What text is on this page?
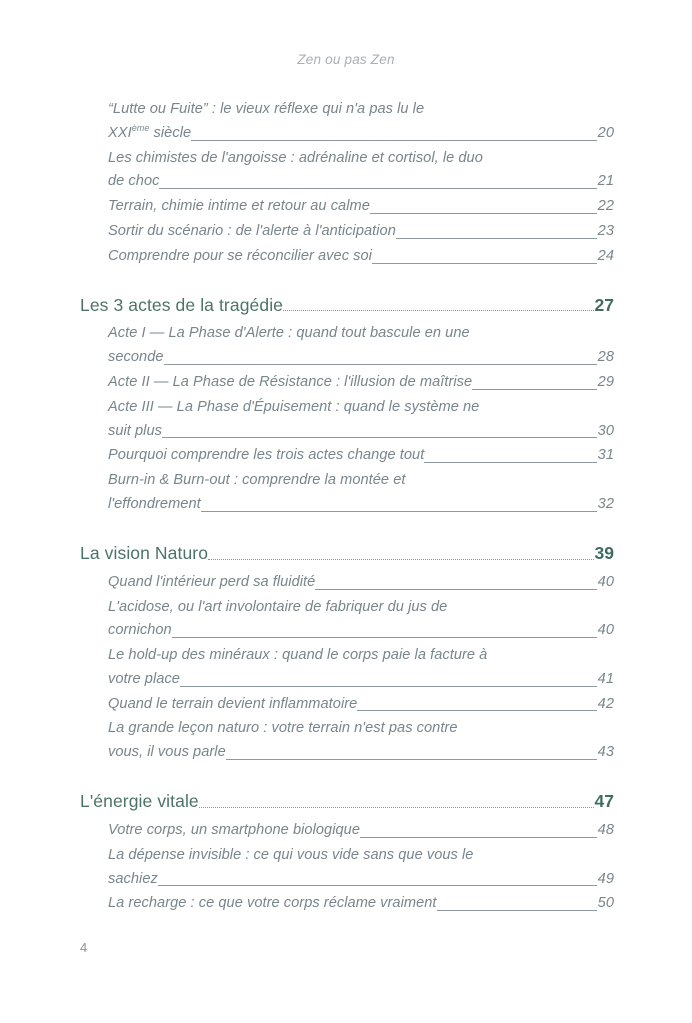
Zen ou pas Zen
“Lutte ou Fuite” : le vieux réflexe qui n'a pas lu le
XXIème siècle	20
Les chimistes de l'angoisse : adrénaline et cortisol, le duo
de choc	21
Terrain, chimie intime et retour au calme	22
Sortir du scénario : de l'alerte à l'anticipation	23
Comprendre pour se réconcilier avec soi	24
Les 3 actes de la tragédie	27
Acte I — La Phase d'Alerte : quand tout bascule en une
seconde	28
Acte II — La Phase de Résistance : l'illusion de maîtrise	29
Acte III — La Phase d'Épuisement : quand le système ne
suit plus	30
Pourquoi comprendre les trois actes change tout	31
Burn-in & Burn-out : comprendre la montée et
l'effondrement	32
La vision Naturo	39
Quand l'intérieur perd sa fluidité	40
L'acidose, ou l'art involontaire de fabriquer du jus de
cornichon	40
Le hold-up des minéraux : quand le corps paie la facture à
votre place	41
Quand le terrain devient inflammatoire	42
La grande leçon naturo : votre terrain n'est pas contre
vous, il vous parle	43
L'énergie vitale	47
Votre corps, un smartphone biologique	48
La dépense invisible : ce qui vous vide sans que vous le
sachiez	49
La recharge : ce que votre corps réclame vraiment	50
4
